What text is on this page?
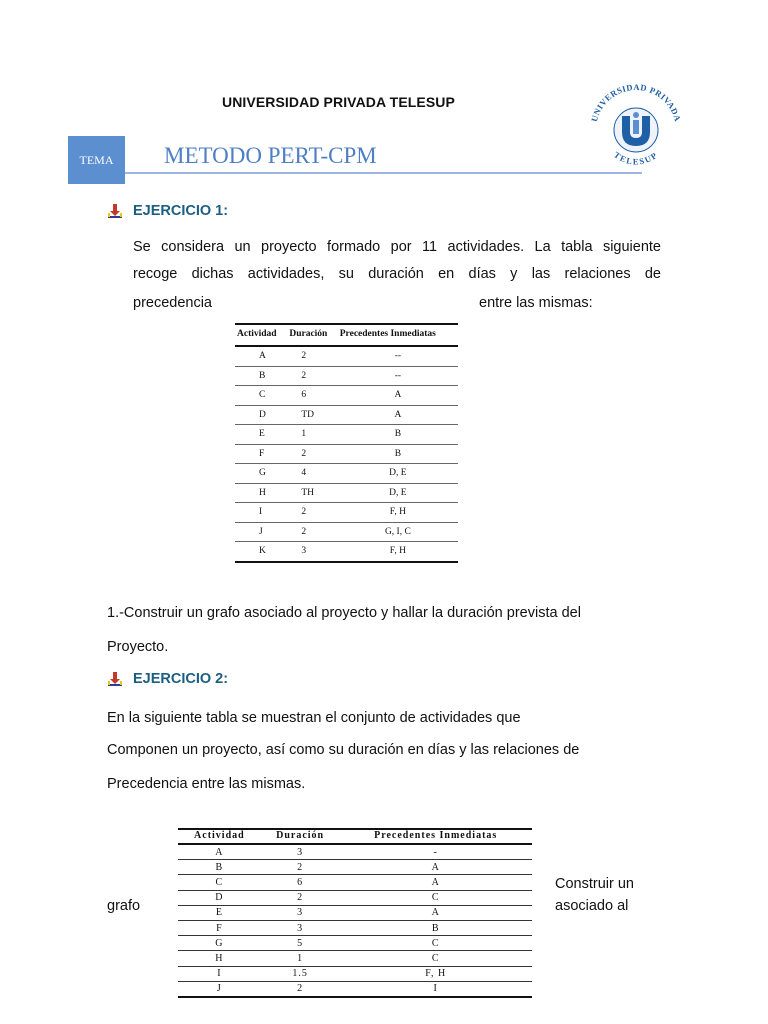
UNIVERSIDAD PRIVADA TELESUP
TEMA	METODO PERT-CPM
UNIVERSIDAD PRIVADA
TELESUP
EJERCICIO 1:
Se considera un proyecto formado por 11 actividades. La tabla siguiente
recoge dichas actividades, su duración en días y las relaciones de
precedencia	entre las mismas:
Actividad	Duración	Precedentes Inmediatas
A	2	--
B	2	--
C	6	A
D	TD	A
E	1	B
F	2	B
G	4	D, E
H	TH	D, E
I	2	F, H
J	2	G, I, C
K	3	F, H
1.-Construir un grafo asociado al proyecto y hallar la duración prevista del
Proyecto.
EJERCICIO 2:
En la siguiente tabla se muestran el conjunto de actividades que
Componen un proyecto, así como su duración en días y las relaciones de
Precedencia entre las mismas.
Actividad	Duración	Precedentes Inmediatas
A	3	-
B	2	A
C	6	A
D	2	C
E	3	A
F	3	B
G	5	C
H	1	C
I	1.5	F, H
J	2	I
grafo
Construir un
asociado al
